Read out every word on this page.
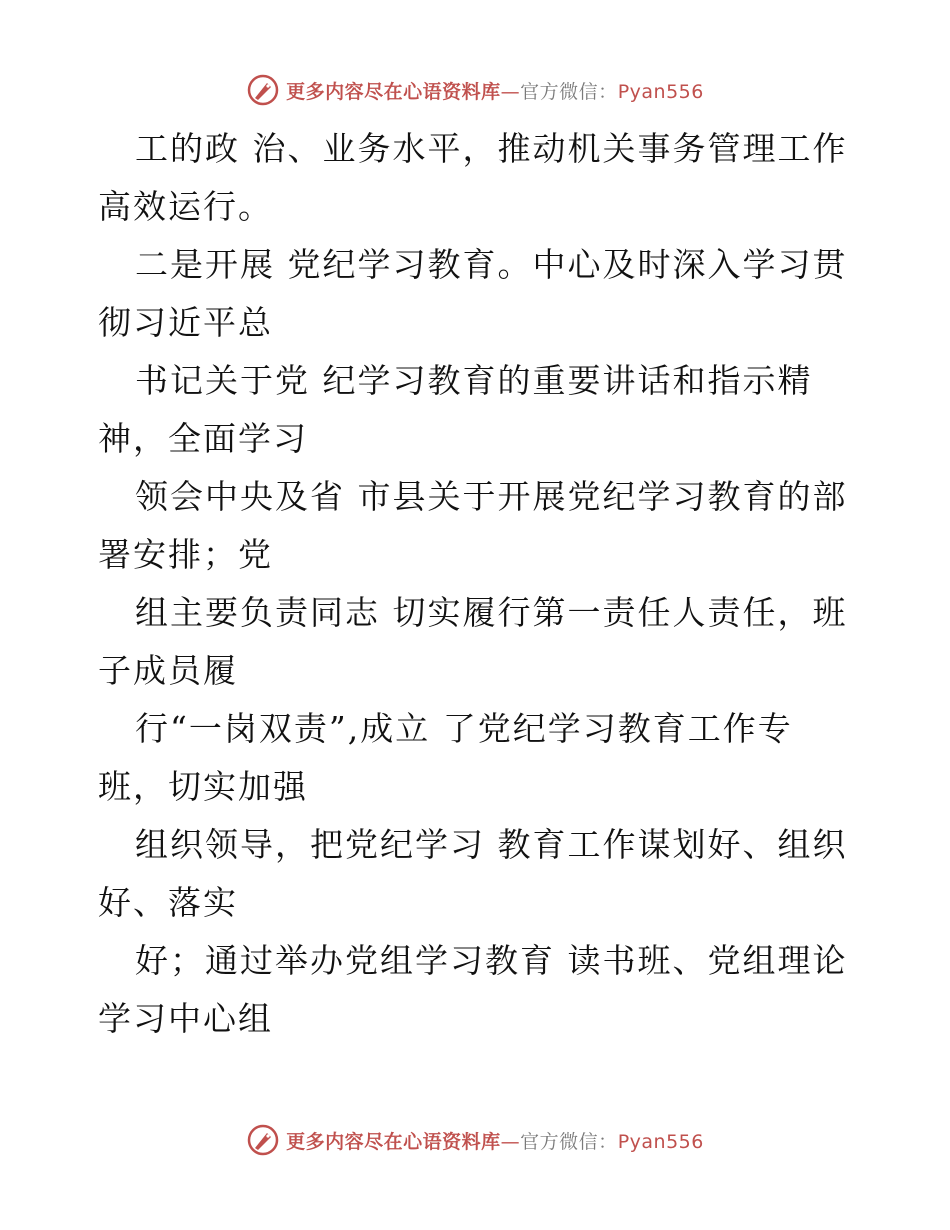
更多内容尽在心语资料库—官方微信：Pyan556
工的政 治、业务水平，推动机关事务管理工作
高效运行。
二是开展 党纪学习教育。中心及时深入学习贯
彻习近平总
书记关于党 纪学习教育的重要讲话和指示精
神，全面学习
领会中央及省 市县关于开展党纪学习教育的部
署安排；党
组主要负责同志 切实履行第一责任人责任，班
子成员履
行“一岗双责”,成立 了党纪学习教育工作专
班，切实加强
组织领导，把党纪学习 教育工作谋划好、组织
好、落实
好；通过举办党组学习教育 读书班、党组理论
学习中心组
更多内容尽在心语资料库—官方微信：Pyan556
